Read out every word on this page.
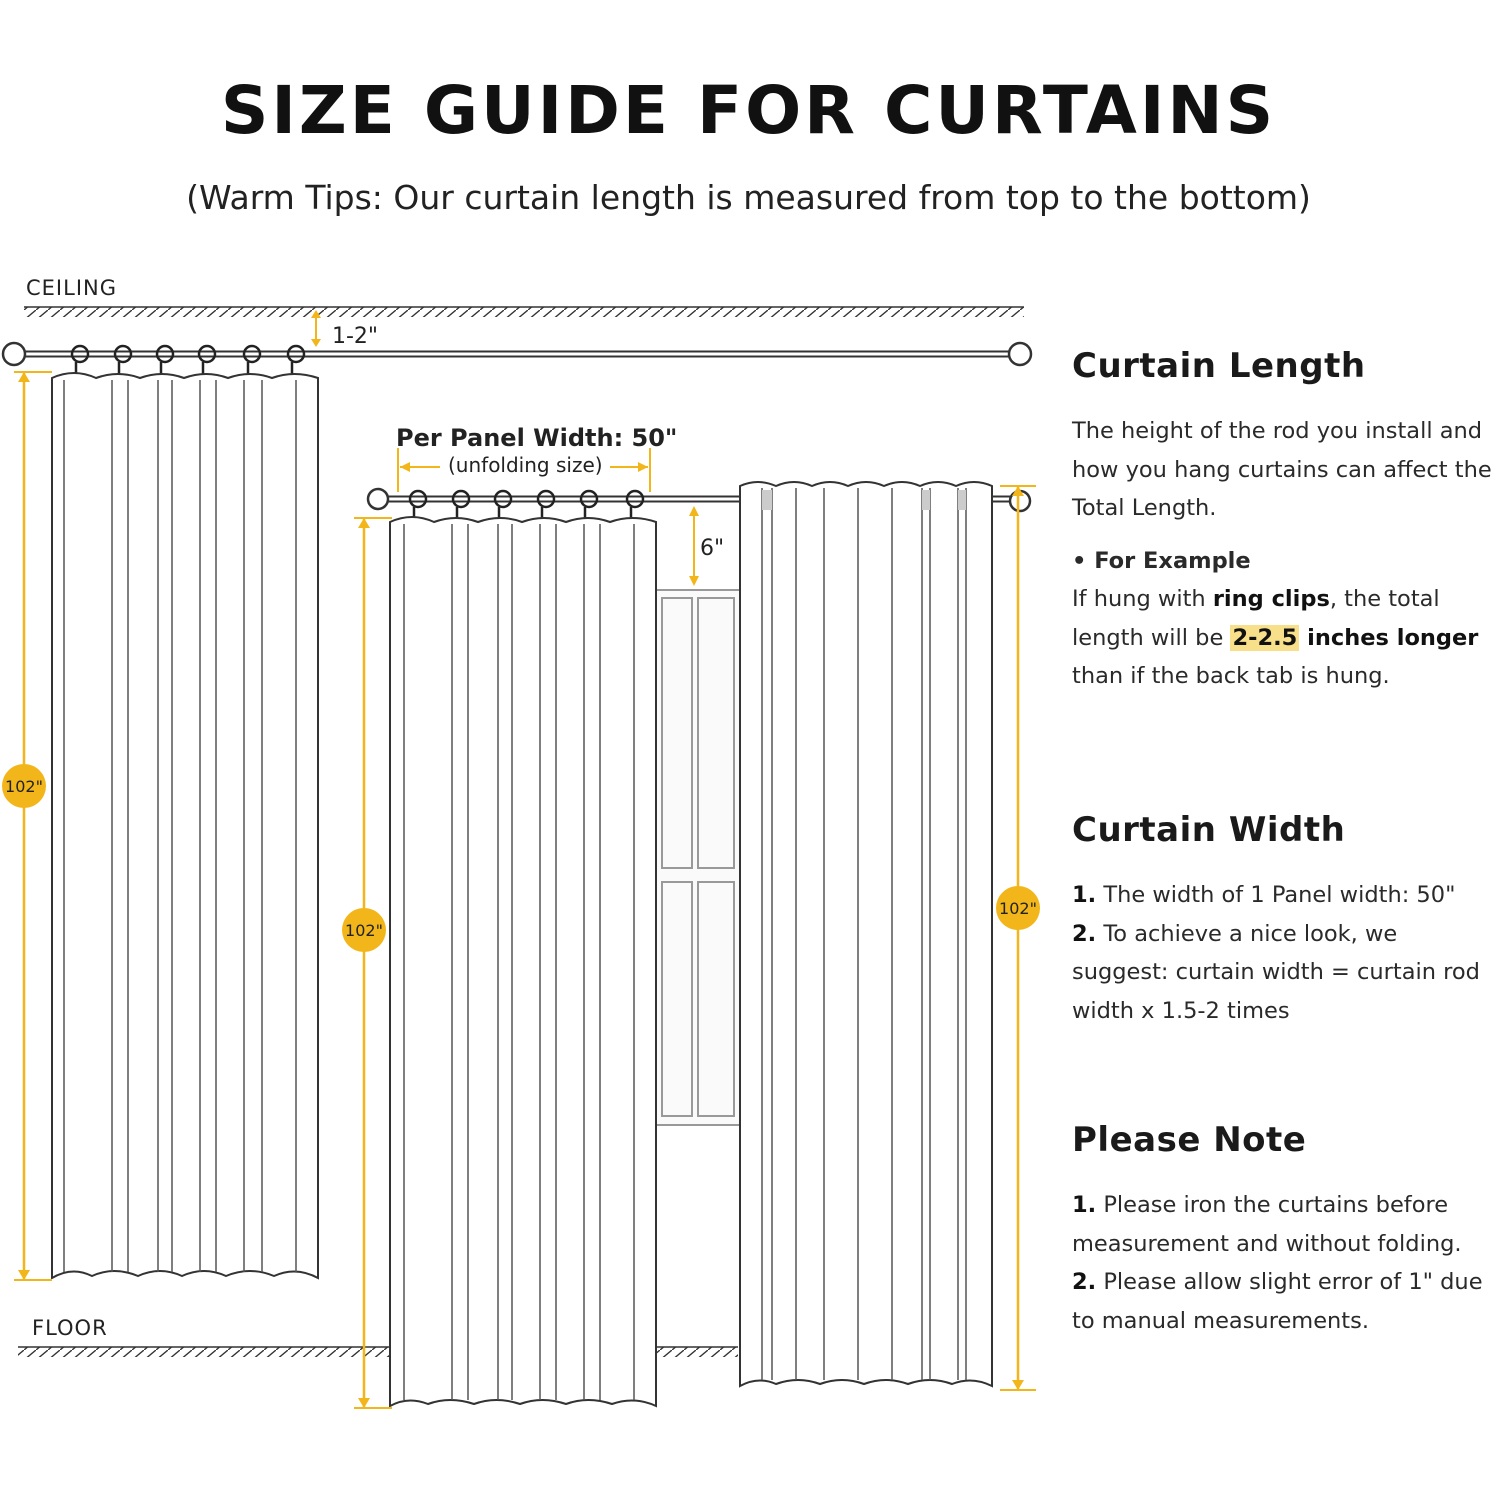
SIZE GUIDE FOR CURTAINS
(Warm Tips: Our curtain length is measured from top to the bottom)
CEILING
FLOOR
1-2"
102"
Per Panel Width: 50"
(unfolding size)
102"
6"
102"
Curtain Length

The height of the rod you install and how you hang curtains can affect the Total Length.

• For Example

If hung with ring clips, the total length will be 2-2.5 inches longer than if the back tab is hung.

Curtain Width

1. The width of 1 Panel width: 50"

2. To achieve a nice look, we suggest: curtain width = curtain rod width x 1.5-2 times

Please Note

1. Please iron the curtains before measurement and without folding.

2. Please allow slight error of 1" due to manual measurements.
